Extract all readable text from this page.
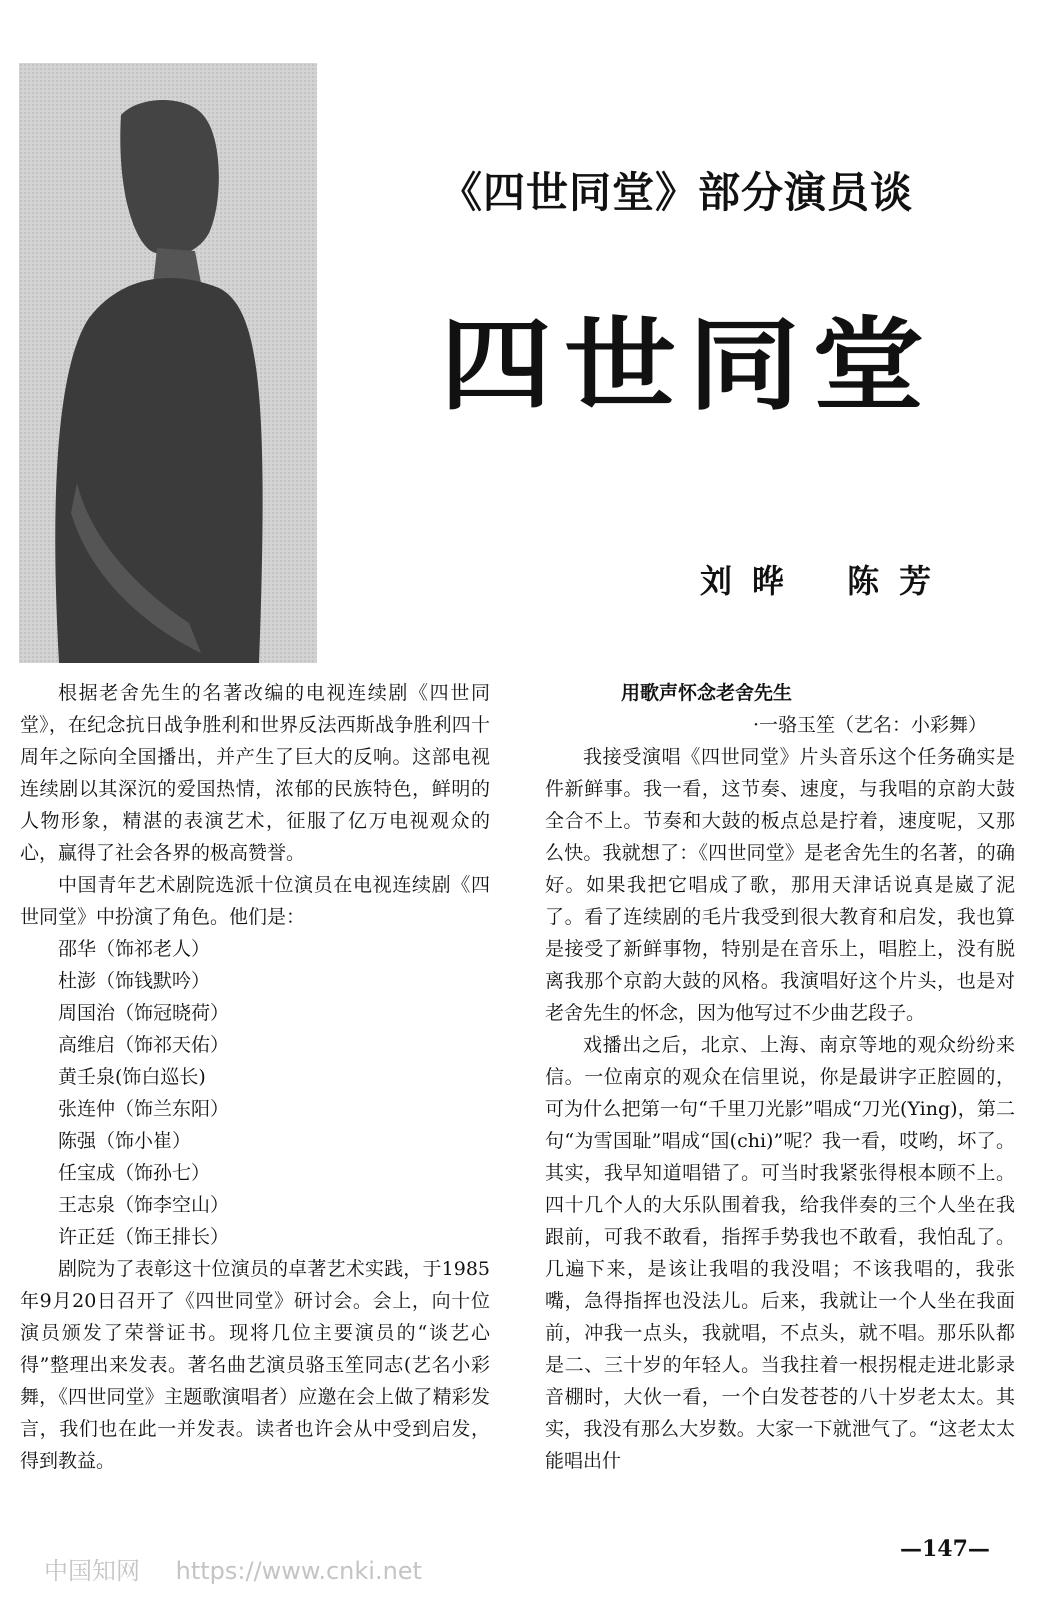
《四世同堂》部分演员谈
四世同堂
刘晔 陈芳

根据老舍先生的名著改编的电视连续剧《四世同堂》，在纪念抗日战争胜利和世界反法西斯战争胜利四十周年之际向全国播出，并产生了巨大的反响。这部电视连续剧以其深沉的爱国热情，浓郁的民族特色，鲜明的人物形象，精湛的表演艺术，征服了亿万电视观众的心，赢得了社会各界的极高赞誉。

中国青年艺术剧院选派十位演员在电视连续剧《四世同堂》中扮演了角色。他们是：

邵华（饰祁老人）
杜澎（饰钱默吟）
周国治（饰冠晓荷）
高维启（饰祁天佑）
黄壬泉(饰白巡长)
张连仲（饰兰东阳）
陈强（饰小崔）
任宝成（饰孙七）
王志泉（饰李空山）
许正廷（饰王排长）

剧院为了表彰这十位演员的卓著艺术实践，于1985年9月20日召开了《四世同堂》研讨会。会上，向十位演员颁发了荣誉证书。现将几位主要演员的“谈艺心得”整理出来发表。著名曲艺演员骆玉笙同志(艺名小彩舞，《四世同堂》主题歌演唱者）应邀在会上做了精彩发言，我们也在此一并发表。读者也许会从中受到启发，得到教益。

用歌声怀念老舍先生
·一骆玉笙（艺名：小彩舞）

我接受演唱《四世同堂》片头音乐这个任务确实是件新鲜事。我一看，这节奏、速度，与我唱的京韵大鼓全合不上。节奏和大鼓的板点总是拧着，速度呢，又那么快。我就想了：《四世同堂》是老舍先生的名著，的确好。如果我把它唱成了歌，那用天津话说真是崴了泥了。看了连续剧的毛片我受到很大教育和启发，我也算是接受了新鲜事物，特别是在音乐上，唱腔上，没有脱离我那个京韵大鼓的风格。我演唱好这个片头，也是对老舍先生的怀念，因为他写过不少曲艺段子。

戏播出之后，北京、上海、南京等地的观众纷纷来信。一位南京的观众在信里说，你是最讲字正腔圆的，可为什么把第一句“千里刀光影”唱成“刀光(Ying)，第二句“为雪国耻”唱成“国(chi)”呢？我一看，哎哟，坏了。其实，我早知道唱错了。可当时我紧张得根本顾不上。四十几个人的大乐队围着我，给我伴奏的三个人坐在我跟前，可我不敢看，指挥手势我也不敢看，我怕乱了。几遍下来，是该让我唱的我没唱；不该我唱的，我张嘴，急得指挥也没法儿。后来，我就让一个人坐在我面前，冲我一点头，我就唱，不点头，就不唱。那乐队都是二、三十岁的年轻人。当我拄着一根拐棍走进北影录音棚时，大伙一看，一个白发苍苍的八十岁老太太。其实，我没有那么大岁数。大家一下就泄气了。“这老太太能唱出什

—147—
中国知网 https://www.cnki.net
